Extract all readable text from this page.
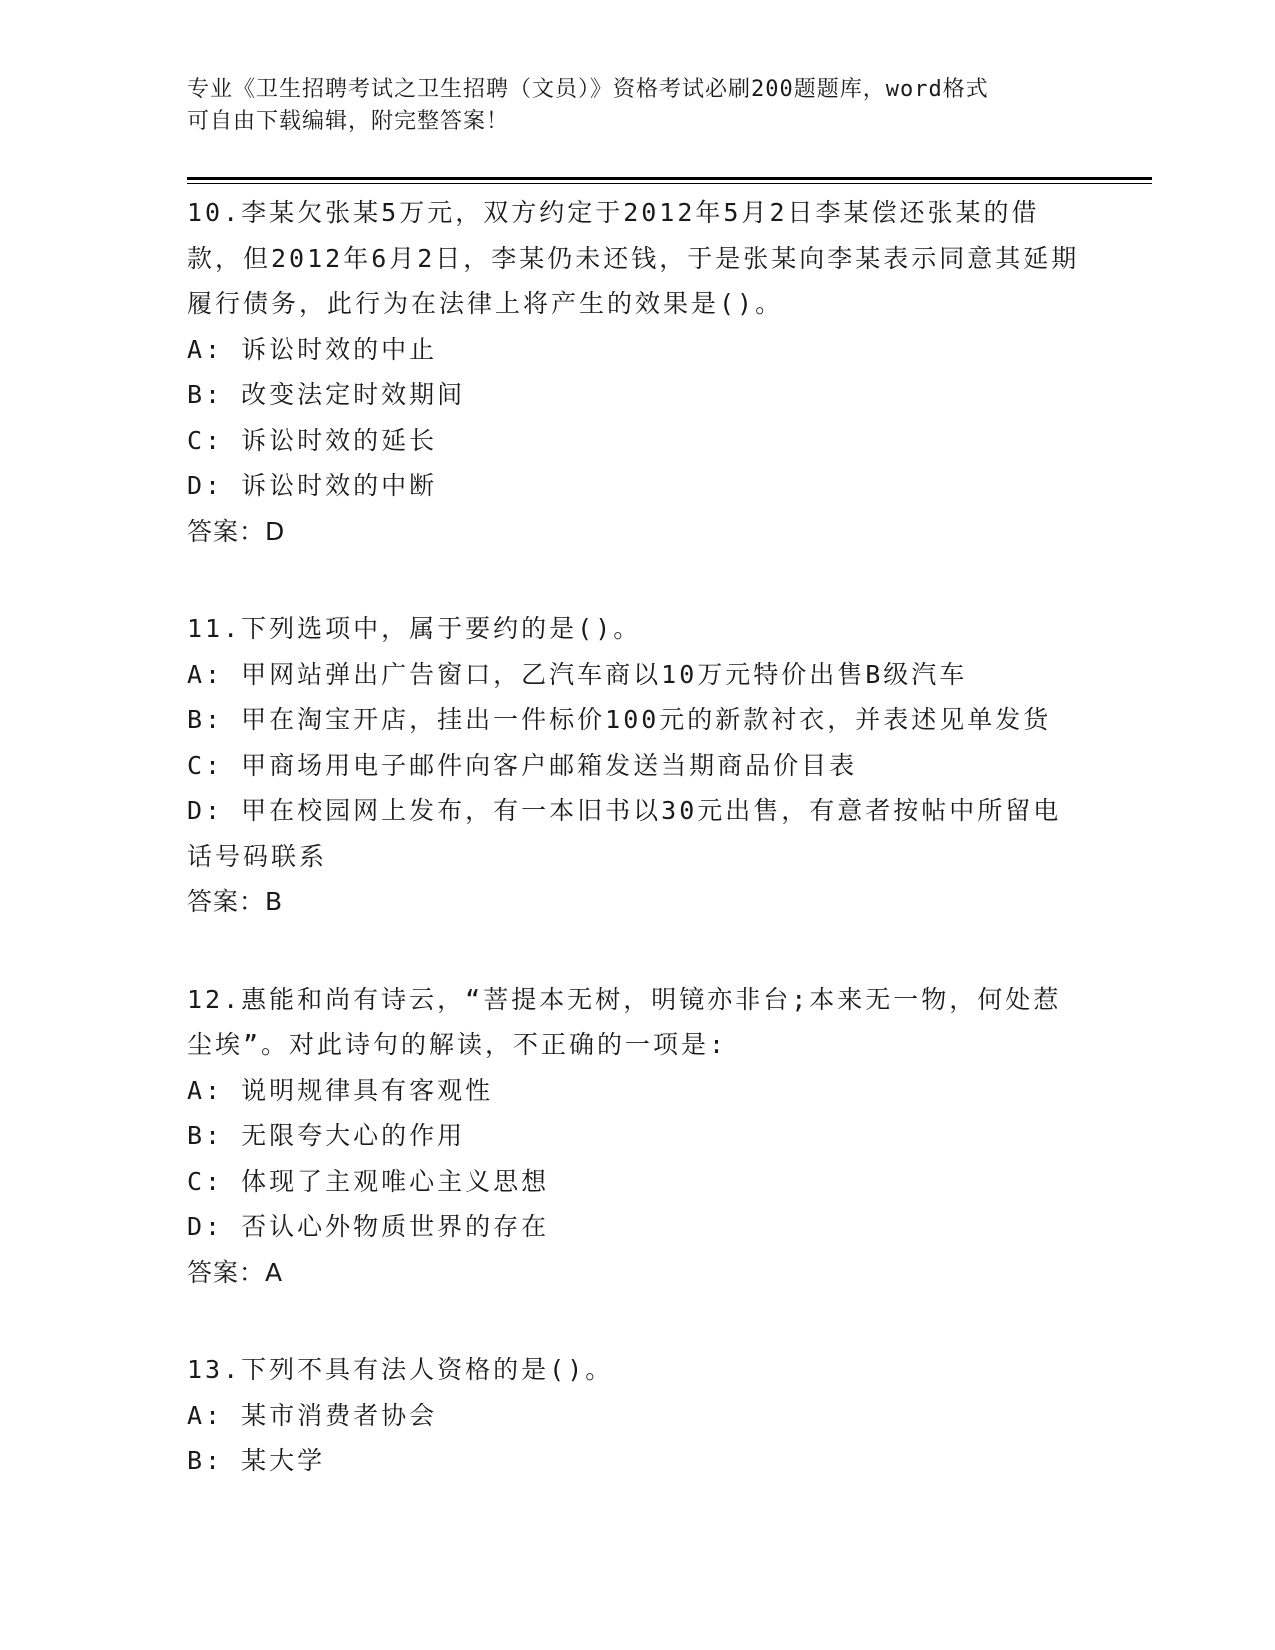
专业《卫生招聘考试之卫生招聘（文员）》资格考试必刷200题题库，word格式
可自由下载编辑，附完整答案！

10.李某欠张某5万元，双方约定于2012年5月2日李某偿还张某的借款，但2012年6月2日，李某仍未还钱，于是张某向李某表示同意其延期履行债务，此行为在法律上将产生的效果是()。

A: 诉讼时效的中止

B: 改变法定时效期间

C: 诉讼时效的延长

D: 诉讼时效的中断

答案：D

11.下列选项中，属于要约的是()。

A: 甲网站弹出广告窗口，乙汽车商以10万元特价出售B级汽车

B: 甲在淘宝开店，挂出一件标价100元的新款衬衣，并表述见单发货

C: 甲商场用电子邮件向客户邮箱发送当期商品价目表

D: 甲在校园网上发布，有一本旧书以30元出售，有意者按帖中所留电话号码联系

答案：B

12.惠能和尚有诗云，“菩提本无树，明镜亦非台;本来无一物，何处惹尘埃”。对此诗句的解读，不正确的一项是:

A: 说明规律具有客观性

B: 无限夸大心的作用

C: 体现了主观唯心主义思想

D: 否认心外物质世界的存在

答案：A

13.下列不具有法人资格的是()。

A: 某市消费者协会

B: 某大学
